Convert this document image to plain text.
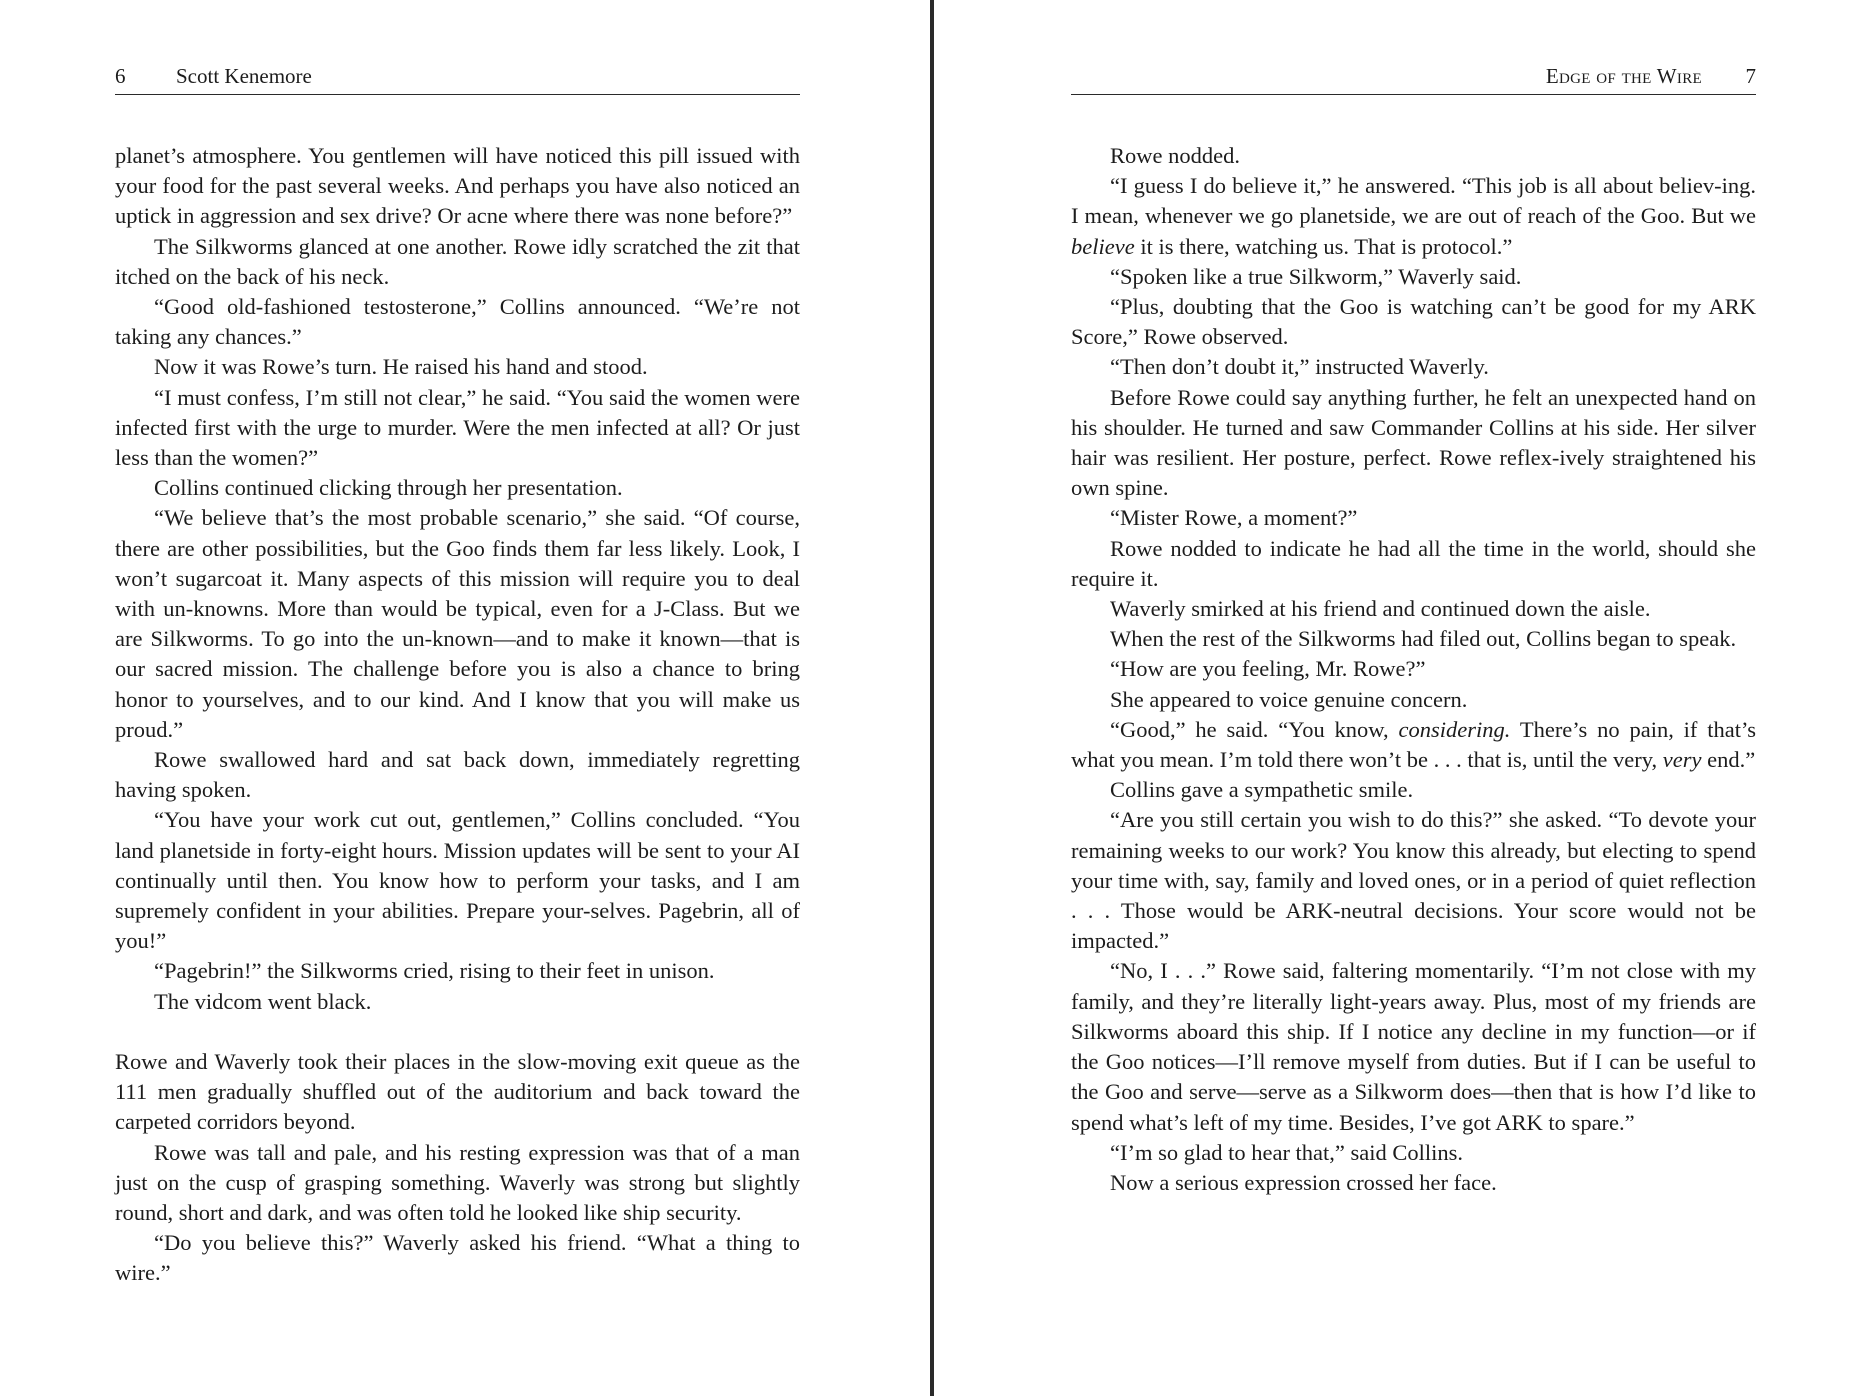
6 Scott Kenemore

planet’s atmosphere. You gentlemen will have noticed this pill issued with your food for the past several weeks. And perhaps you have also noticed an uptick in aggression and sex drive? Or acne where there was none before?”

The Silkworms glanced at one another. Rowe idly scratched the zit that itched on the back of his neck.

“Good old-fashioned testosterone,” Collins announced. “We’re not taking any chances.”

Now it was Rowe’s turn. He raised his hand and stood.

“I must confess, I’m still not clear,” he said. “You said the women were infected first with the urge to murder. Were the men infected at all? Or just less than the women?”

Collins continued clicking through her presentation.

“We believe that’s the most probable scenario,” she said. “Of course, there are other possibilities, but the Goo finds them far less likely. Look, I won’t sugarcoat it. Many aspects of this mission will require you to deal with un-knowns. More than would be typical, even for a J-Class. But we are Silkworms. To go into the un-known—and to make it known—that is our sacred mission. The challenge before you is also a chance to bring honor to yourselves, and to our kind. And I know that you will make us proud.”

Rowe swallowed hard and sat back down, immediately regretting having spoken.

“You have your work cut out, gentlemen,” Collins concluded. “You land planetside in forty-eight hours. Mission updates will be sent to your AI continually until then. You know how to perform your tasks, and I am supremely confident in your abilities. Prepare your-selves. Pagebrin, all of you!”

“Pagebrin!” the Silkworms cried, rising to their feet in unison.

The vidcom went black.

Rowe and Waverly took their places in the slow-moving exit queue as the 111 men gradually shuffled out of the auditorium and back toward the carpeted corridors beyond.

Rowe was tall and pale, and his resting expression was that of a man just on the cusp of grasping something. Waverly was strong but slightly round, short and dark, and was often told he looked like ship security.

“Do you believe this?” Waverly asked his friend. “What a thing to wire.”

Edge of the Wire 7

Rowe nodded.

“I guess I do believe it,” he answered. “This job is all about believ-ing. I mean, whenever we go planetside, we are out of reach of the Goo. But we believe it is there, watching us. That is protocol.”

“Spoken like a true Silkworm,” Waverly said.

“Plus, doubting that the Goo is watching can’t be good for my ARK Score,” Rowe observed.

“Then don’t doubt it,” instructed Waverly.

Before Rowe could say anything further, he felt an unexpected hand on his shoulder. He turned and saw Commander Collins at his side. Her silver hair was resilient. Her posture, perfect. Rowe reflex-ively straightened his own spine.

“Mister Rowe, a moment?”

Rowe nodded to indicate he had all the time in the world, should she require it.

Waverly smirked at his friend and continued down the aisle.

When the rest of the Silkworms had filed out, Collins began to speak.

“How are you feeling, Mr. Rowe?”

She appeared to voice genuine concern.

“Good,” he said. “You know, considering. There’s no pain, if that’s what you mean. I’m told there won’t be . . . that is, until the very, very end.”

Collins gave a sympathetic smile.

“Are you still certain you wish to do this?” she asked. “To devote your remaining weeks to our work? You know this already, but electing to spend your time with, say, family and loved ones, or in a period of quiet reflection . . . Those would be ARK-neutral decisions. Your score would not be impacted.”

“No, I . . .” Rowe said, faltering momentarily. “I’m not close with my family, and they’re literally light-years away. Plus, most of my friends are Silkworms aboard this ship. If I notice any decline in my function—or if the Goo notices—I’ll remove myself from duties. But if I can be useful to the Goo and serve—serve as a Silkworm does—then that is how I’d like to spend what’s left of my time. Besides, I’ve got ARK to spare.”

“I’m so glad to hear that,” said Collins.

Now a serious expression crossed her face.
